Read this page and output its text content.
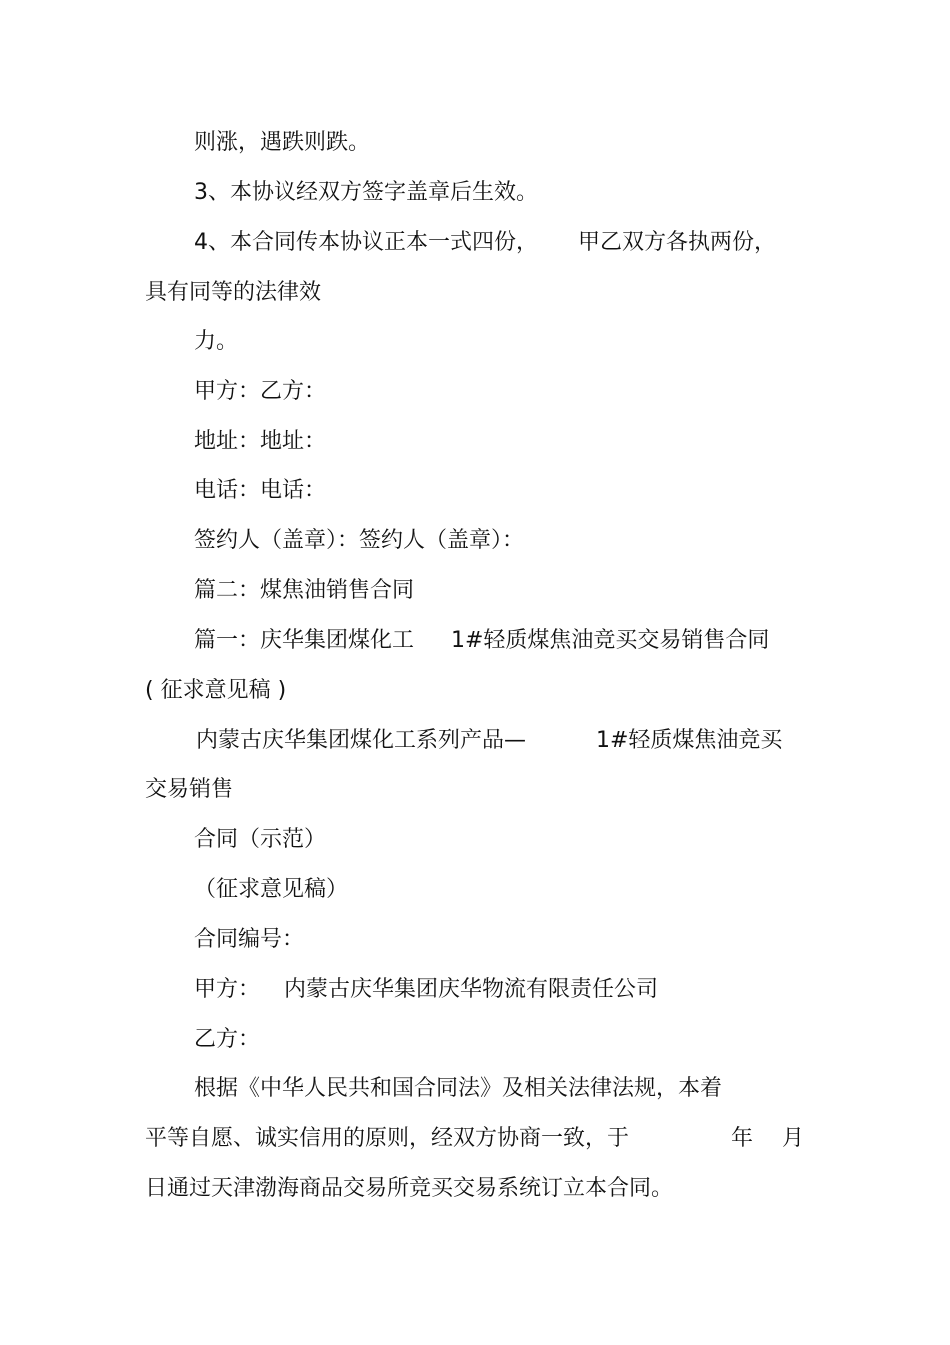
则涨，遇跌则跌。
3、本协议经双方签字盖章后生效。

4、本合同传本协议正本一式四份，

甲乙双方各执两份，

具有同等的法律效
力。
甲方：乙方：
地址：地址：
电话：电话：
签约人（盖章）：签约人（盖章）：
篇二：煤焦油销售合同

篇一：庆华集团煤化工

1#轻质煤焦油竞买交易销售合同

( 征求意见稿 )

内蒙古庆华集团煤化工系列产品—

	1#轻质煤焦油竞买

交易销售
合同（示范）
（征求意见稿）
合同编号：

甲方：

内蒙古庆华集团庆华物流有限责任公司

乙方：
根据《中华人民共和国合同法》及相关法律法规，本着

平等自愿、诚实信用的原则，经双方协商一致，于

	年

月

日通过天津渤海商品交易所竞买交易系统订立本合同。
